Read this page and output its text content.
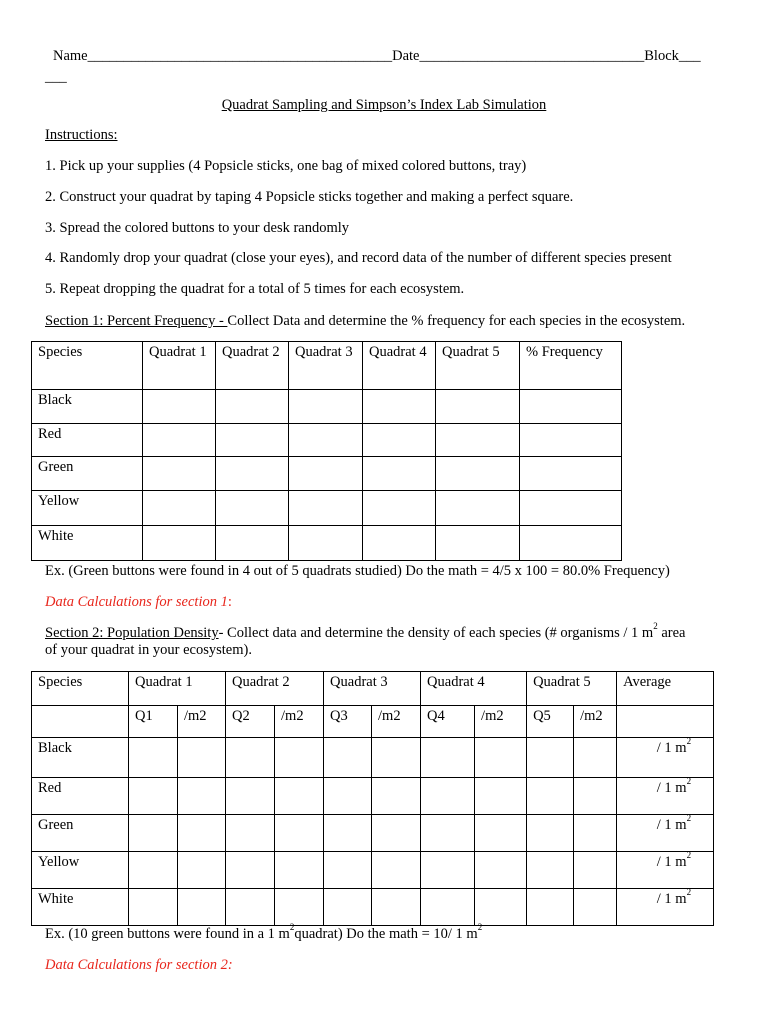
Name__________________________________________Date_______________________________Block___
___
Quadrat Sampling and Simpson’s Index Lab Simulation
Instructions:
1. Pick up your supplies (4 Popsicle sticks, one bag of mixed colored buttons, tray)
2. Construct your quadrat by taping 4 Popsicle sticks together and making a perfect square.
3. Spread the colored buttons to your desk randomly
4. Randomly drop your quadrat (close your eyes), and record data of the number of different species present
5. Repeat dropping the quadrat for a total of 5 times for each ecosystem.
Section 1: Percent Frequency - Collect Data and determine the % frequency for each species in the ecosystem.
Species	Quadrat 1	Quadrat 2	Quadrat 3	Quadrat 4	Quadrat 5	% Frequency
Black						
Red						
Green						
Yellow						
White						
Ex. (Green buttons were found in 4 out of 5 quadrats studied) Do the math = 4/5 x 100 = 80.0% Frequency)
Data Calculations for section 1:
Section 2: Population Density- Collect data and determine the density of each species (# organisms / 1 $m^2$ area
of your quadrat in your ecosystem).
Species	Quadrat 1		Quadrat 2		Quadrat 3		Quadrat 4		Quadrat 5		Average
	Q1	/m2	Q2	/m2	Q3	/m2	Q4	/m2	Q5	/m2	
Black											/ 1 $m^2$
Red											/ 1 $m^2$
Green											/ 1 $m^2$
Yellow											/ 1 $m^2$
White											/ 1 $m^2$
Ex. (10 green buttons were found in a 1 $m^2quadrat$) Do the math = 10/ 1 $m^2$
Data Calculations for section 2:
